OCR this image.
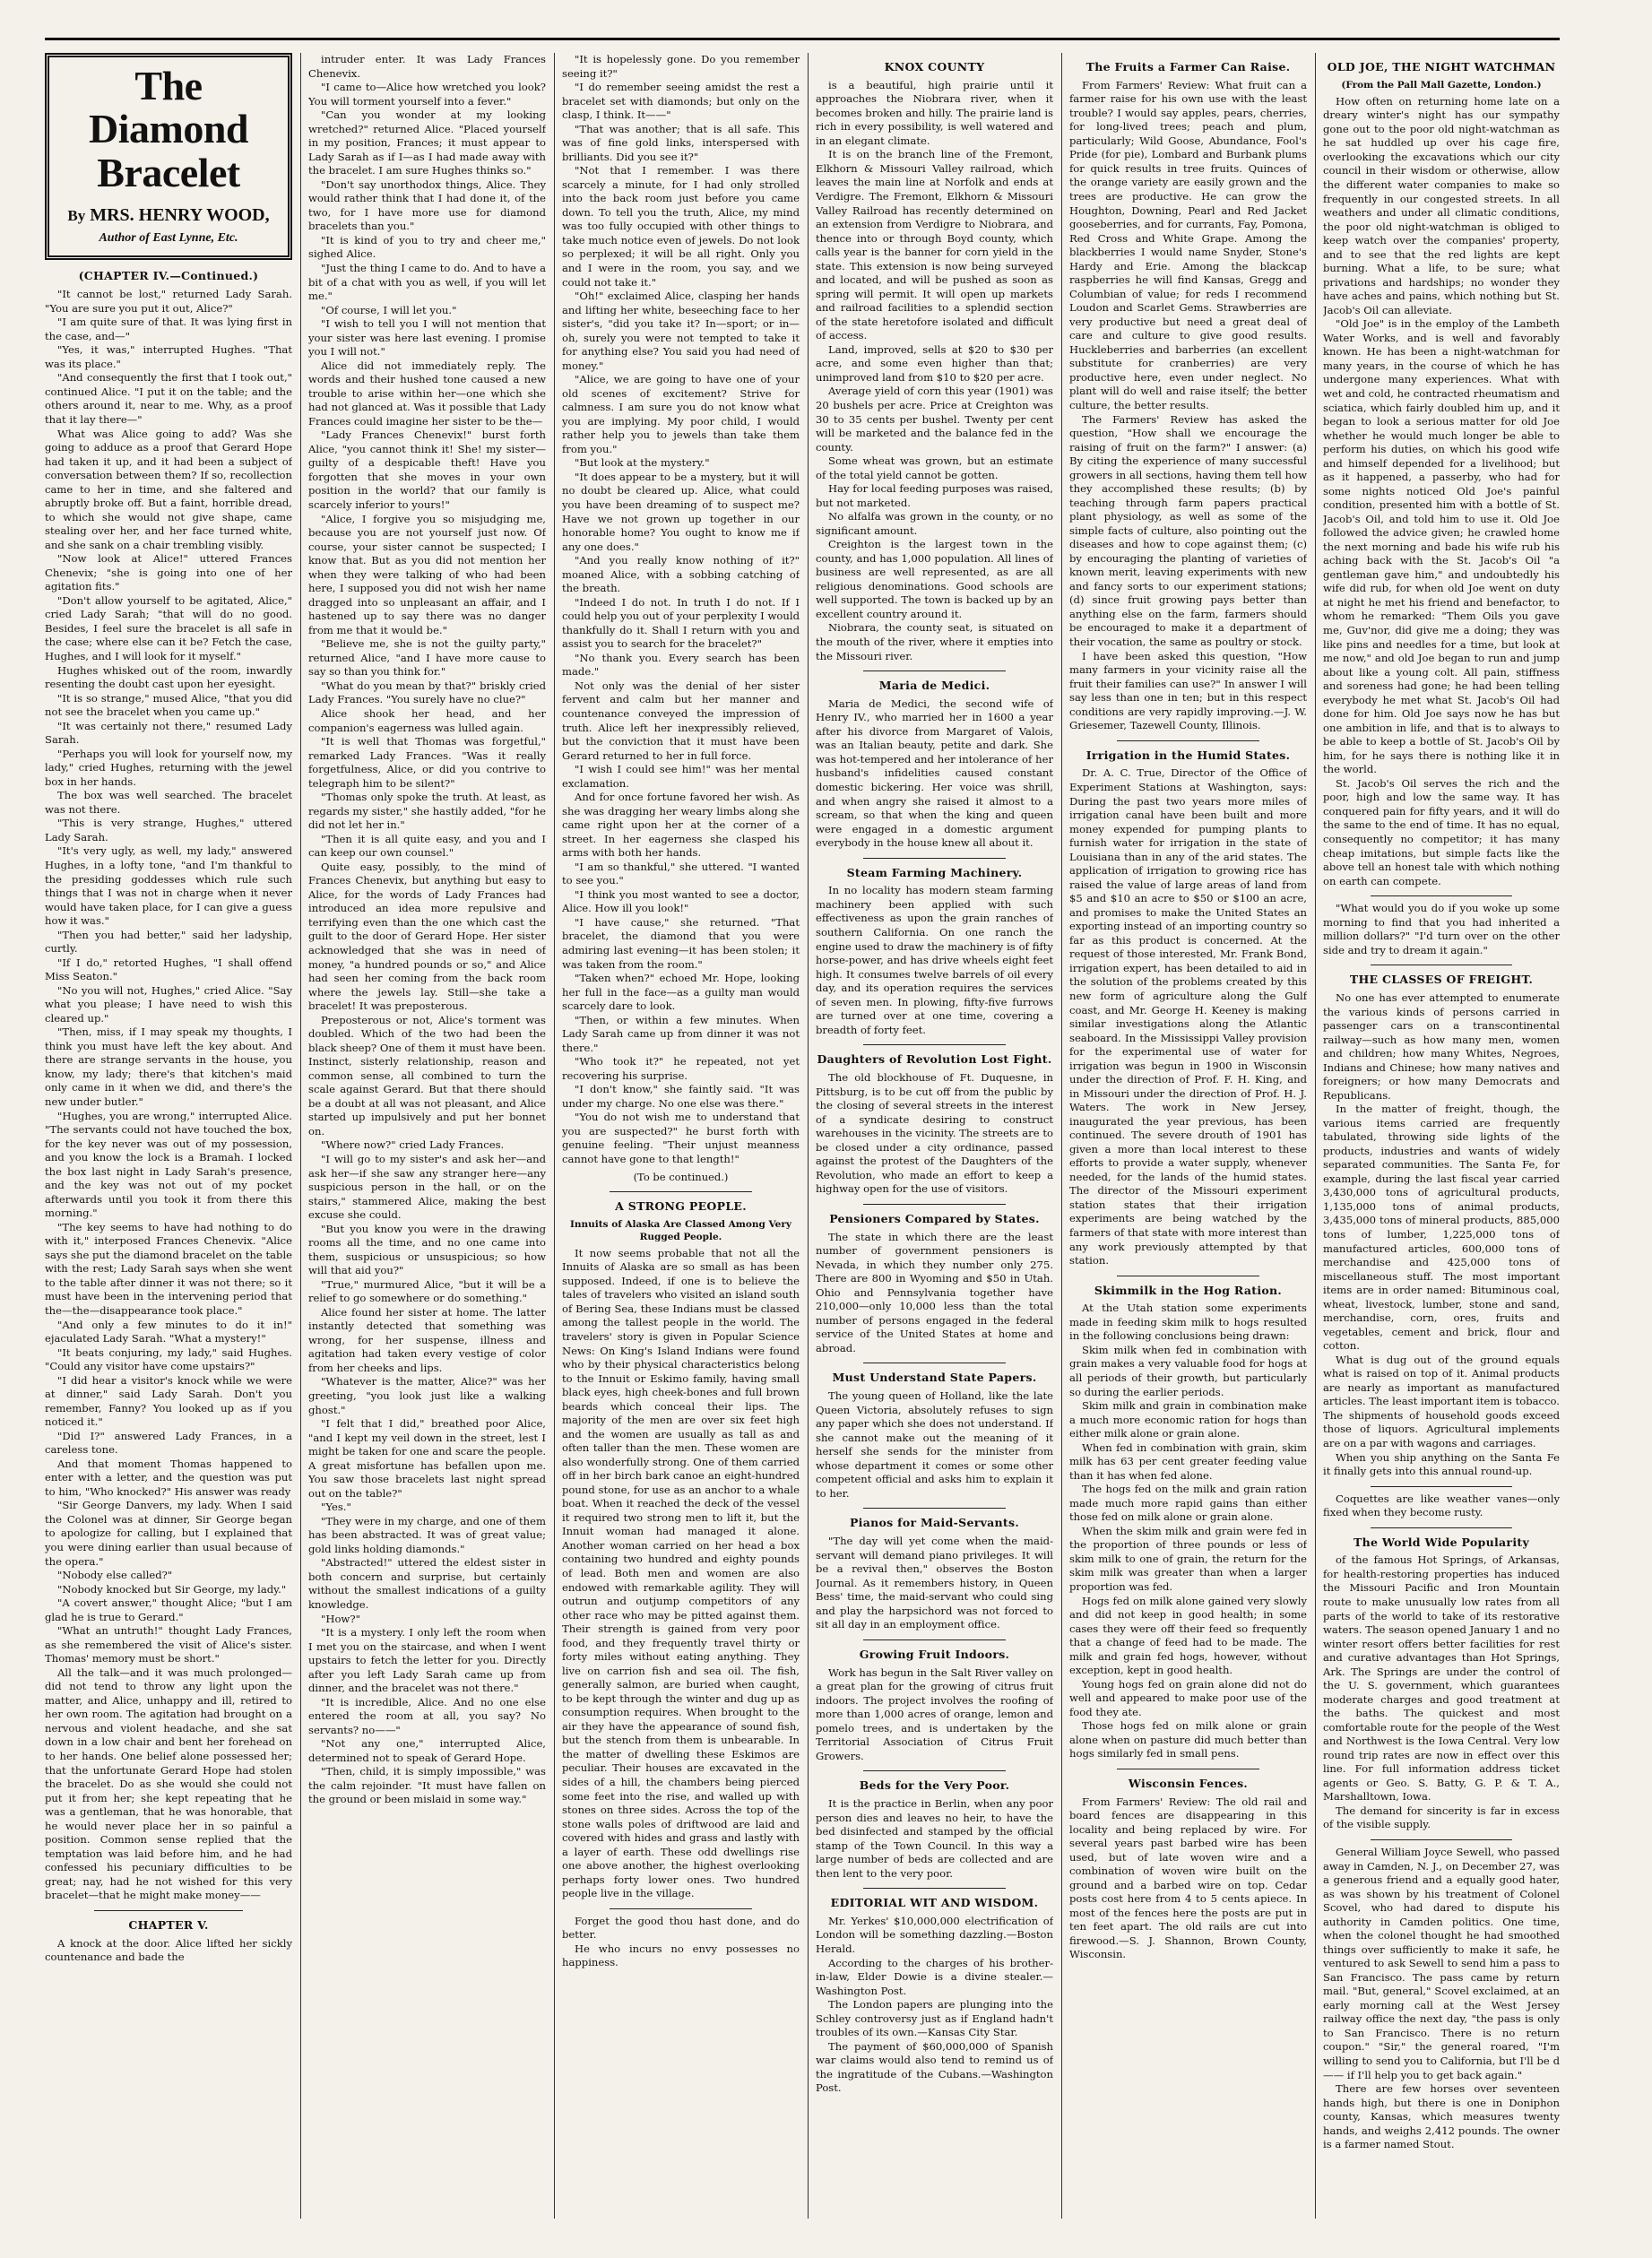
The Diamond Bracelet
By MRS. HENRY WOOD,
Author of East Lynne, Etc.
(CHAPTER IV.—Continued.)

"It cannot be lost," returned Lady Sarah. "You are sure you put it out, Alice?"

"I am quite sure of that. It was lying first in the case, and—"

"Yes, it was," interrupted Hughes. "That was its place."

"And consequently the first that I took out," continued Alice. "I put it on the table; and the others around it, near to me. Why, as a proof that it lay there—"

What was Alice going to add? Was she going to adduce as a proof that Gerard Hope had taken it up, and it had been a subject of conversation between them? If so, recollection came to her in time, and she faltered and abruptly broke off. But a faint, horrible dread, to which she would not give shape, came stealing over her, and her face turned white, and she sank on a chair trembling visibly.

"Now look at Alice!" uttered Frances Chenevix; "she is going into one of her agitation fits."

"Don't allow yourself to be agitated, Alice," cried Lady Sarah; "that will do no good. Besides, I feel sure the bracelet is all safe in the case; where else can it be? Fetch the case, Hughes, and I will look for it myself."

Hughes whisked out of the room, inwardly resenting the doubt cast upon her eyesight.

"It is so strange," mused Alice, "that you did not see the bracelet when you came up."

"It was certainly not there," resumed Lady Sarah.

"Perhaps you will look for yourself now, my lady," cried Hughes, returning with the jewel box in her hands.

The box was well searched. The bracelet was not there.

"This is very strange, Hughes," uttered Lady Sarah.

"It's very ugly, as well, my lady," answered Hughes, in a lofty tone, "and I'm thankful to the presiding goddesses which rule such things that I was not in charge when it never would have taken place, for I can give a guess how it was."

"Then you had better," said her ladyship, curtly.

"If I do," retorted Hughes, "I shall offend Miss Seaton."

"No you will not, Hughes," cried Alice. "Say what you please; I have need to wish this cleared up."

"Then, miss, if I may speak my thoughts, I think you must have left the key about. And there are strange servants in the house, you know, my lady; there's that kitchen's maid only came in it when we did, and there's the new under butler."

"Hughes, you are wrong," interrupted Alice. "The servants could not have touched the box, for the key never was out of my possession, and you know the lock is a Bramah. I locked the box last night in Lady Sarah's presence, and the key was not out of my pocket afterwards until you took it from there this morning."

"The key seems to have had nothing to do with it," interposed Frances Chenevix. "Alice says she put the diamond bracelet on the table with the rest; Lady Sarah says when she went to the table after dinner it was not there; so it must have been in the intervening period that the—the—disappearance took place."

"And only a few minutes to do it in!" ejaculated Lady Sarah. "What a mystery!"

"It beats conjuring, my lady," said Hughes. "Could any visitor have come upstairs?"

"I did hear a visitor's knock while we were at dinner," said Lady Sarah. Don't you remember, Fanny? You looked up as if you noticed it."

"Did I?" answered Lady Frances, in a careless tone.

And that moment Thomas happened to enter with a letter, and the question was put to him, "Who knocked?" His answer was ready

"Sir George Danvers, my lady. When I said the Colonel was at dinner, Sir George began to apologize for calling, but I explained that you were dining earlier than usual because of the opera."

"Nobody else called?"

"Nobody knocked but Sir George, my lady."

"A covert answer," thought Alice; "but I am glad he is true to Gerard."

"What an untruth!" thought Lady Frances, as she remembered the visit of Alice's sister. Thomas' memory must be short."

All the talk—and it was much prolonged—did not tend to throw any light upon the matter, and Alice, unhappy and ill, retired to her own room. The agitation had brought on a nervous and violent headache, and she sat down in a low chair and bent her forehead on to her hands. One belief alone possessed her; that the unfortunate Gerard Hope had stolen the bracelet. Do as she would she could not put it from her; she kept repeating that he was a gentleman, that he was honorable, that he would never place her in so painful a position. Common sense replied that the temptation was laid before him, and he had confessed his pecuniary difficulties to be great; nay, had he not wished for this very bracelet—that he might make money——

CHAPTER V.

A knock at the door. Alice lifted her sickly countenance and bade the

intruder enter. It was Lady Frances Chenevix.

"I came to—Alice how wretched you look? You will torment yourself into a fever."

"Can you wonder at my looking wretched?" returned Alice. "Placed yourself in my position, Frances; it must appear to Lady Sarah as if I—as I had made away with the bracelet. I am sure Hughes thinks so."

"Don't say unorthodox things, Alice. They would rather think that I had done it, of the two, for I have more use for diamond bracelets than you."

"It is kind of you to try and cheer me," sighed Alice.

"Just the thing I came to do. And to have a bit of a chat with you as well, if you will let me."

"Of course, I will let you."

"I wish to tell you I will not mention that your sister was here last evening. I promise you I will not."

Alice did not immediately reply. The words and their hushed tone caused a new trouble to arise within her—one which she had not glanced at. Was it possible that Lady Frances could imagine her sister to be the—

"Lady Frances Chenevix!" burst forth Alice, "you cannot think it! She! my sister—guilty of a despicable theft! Have you forgotten that she moves in your own position in the world? that our family is scarcely inferior to yours!"

"Alice, I forgive you so misjudging me, because you are not yourself just now. Of course, your sister cannot be suspected; I know that. But as you did not mention her when they were talking of who had been here, I supposed you did not wish her name dragged into so unpleasant an affair, and I hastened up to say there was no danger from me that it would be."

"Believe me, she is not the guilty party," returned Alice, "and I have more cause to say so than you think for."

"What do you mean by that?" briskly cried Lady Frances. "You surely have no clue?"

Alice shook her head, and her companion's eagerness was lulled again.

"It is well that Thomas was forgetful," remarked Lady Frances. "Was it really forgetfulness, Alice, or did you contrive to telegraph him to be silent?"

"Thomas only spoke the truth. At least, as regards my sister," she hastily added, "for he did not let her in."

"Then it is all quite easy, and you and I can keep our own counsel."

Quite easy, possibly, to the mind of Frances Chenevix, but anything but easy to Alice, for the words of Lady Frances had introduced an idea more repulsive and terrifying even than the one which cast the guilt to the door of Gerard Hope. Her sister acknowledged that she was in need of money, "a hundred pounds or so," and Alice had seen her coming from the back room where the jewels lay. Still—she take a bracelet! It was preposterous.

Preposterous or not, Alice's torment was doubled. Which of the two had been the black sheep? One of them it must have been. Instinct, sisterly relationship, reason and common sense, all combined to turn the scale against Gerard. But that there should be a doubt at all was not pleasant, and Alice started up impulsively and put her bonnet on.

"Where now?" cried Lady Frances.

"I will go to my sister's and ask her—and ask her—if she saw any stranger here—any suspicious person in the hall, or on the stairs," stammered Alice, making the best excuse she could.

"But you know you were in the drawing rooms all the time, and no one came into them, suspicious or unsuspicious; so how will that aid you?"

"True," murmured Alice, "but it will be a relief to go somewhere or do something."

Alice found her sister at home. The latter instantly detected that something was wrong, for her suspense, illness and agitation had taken every vestige of color from her cheeks and lips.

"Whatever is the matter, Alice?" was her greeting, "you look just like a walking ghost."

"I felt that I did," breathed poor Alice, "and I kept my veil down in the street, lest I might be taken for one and scare the people. A great misfortune has befallen upon me. You saw those bracelets last night spread out on the table?"

"Yes."

"They were in my charge, and one of them has been abstracted. It was of great value; gold links holding diamonds."

"Abstracted!" uttered the eldest sister in both concern and surprise, but certainly without the smallest indications of a guilty knowledge.

"How?"

"It is a mystery. I only left the room when I met you on the staircase, and when I went upstairs to fetch the letter for you. Directly after you left Lady Sarah came up from dinner, and the bracelet was not there."

"It is incredible, Alice. And no one else entered the room at all, you say? No servants? no——"

"Not any one," interrupted Alice, determined not to speak of Gerard Hope.

"Then, child, it is simply impossible," was the calm rejoinder. "It must have fallen on the ground or been mislaid in some way."

"It is hopelessly gone. Do you remember seeing it?"

"I do remember seeing amidst the rest a bracelet set with diamonds; but only on the clasp, I think. It——"

"That was another; that is all safe. This was of fine gold links, interspersed with brilliants. Did you see it?"

"Not that I remember. I was there scarcely a minute, for I had only strolled into the back room just before you came down. To tell you the truth, Alice, my mind was too fully occupied with other things to take much notice even of jewels. Do not look so perplexed; it will be all right. Only you and I were in the room, you say, and we could not take it."

"Oh!" exclaimed Alice, clasping her hands and lifting her white, beseeching face to her sister's, "did you take it? In—sport; or in—oh, surely you were not tempted to take it for anything else? You said you had need of money."

"Alice, we are going to have one of your old scenes of excitement? Strive for calmness. I am sure you do not know what you are implying. My poor child, I would rather help you to jewels than take them from you."

"But look at the mystery."

"It does appear to be a mystery, but it will no doubt be cleared up. Alice, what could you have been dreaming of to suspect me? Have we not grown up together in our honorable home? You ought to know me if any one does."

"And you really know nothing of it?" moaned Alice, with a sobbing catching of the breath.

"Indeed I do not. In truth I do not. If I could help you out of your perplexity I would thankfully do it. Shall I return with you and assist you to search for the bracelet?"

"No thank you. Every search has been made."

Not only was the denial of her sister fervent and calm but her manner and countenance conveyed the impression of truth. Alice left her inexpressibly relieved, but the conviction that it must have been Gerard returned to her in full force.

"I wish I could see him!" was her mental exclamation.

And for once fortune favored her wish. As she was dragging her weary limbs along she came right upon her at the corner of a street. In her eagerness she clasped his arms with both her hands.

"I am so thankful," she uttered. "I wanted to see you."

"I think you most wanted to see a doctor, Alice. How ill you look!"

"I have cause," she returned. "That bracelet, the diamond that you were admiring last evening—it has been stolen; it was taken from the room."

"Taken when?" echoed Mr. Hope, looking her full in the face—as a guilty man would scarcely dare to look.

"Then, or within a few minutes. When Lady Sarah came up from dinner it was not there."

"Who took it?" he repeated, not yet recovering his surprise.

"I don't know," she faintly said. "It was under my charge. No one else was there."

"You do not wish me to understand that you are suspected?" he burst forth with genuine feeling. "Their unjust meanness cannot have gone to that length!"

(To be continued.)
A STRONG PEOPLE.
Innuits of Alaska Are Classed Among Very Rugged People.

It now seems probable that not all the Innuits of Alaska are so small as has been supposed. Indeed, if one is to believe the tales of travelers who visited an island south of Bering Sea, these Indians must be classed among the tallest people in the world. The travelers' story is given in Popular Science News: On King's Island Indians were found who by their physical characteristics belong to the Innuit or Eskimo family, having small black eyes, high cheek-bones and full brown beards which conceal their lips. The majority of the men are over six feet high and the women are usually as tall as and often taller than the men. These women are also wonderfully strong. One of them carried off in her birch bark canoe an eight-hundred pound stone, for use as an anchor to a whale boat. When it reached the deck of the vessel it required two strong men to lift it, but the Innuit woman had managed it alone. Another woman carried on her head a box containing two hundred and eighty pounds of lead. Both men and women are also endowed with remarkable agility. They will outrun and outjump competitors of any other race who may be pitted against them. Their strength is gained from very poor food, and they frequently travel thirty or forty miles without eating anything. They live on carrion fish and sea oil. The fish, generally salmon, are buried when caught, to be kept through the winter and dug up as consumption requires. When brought to the air they have the appearance of sound fish, but the stench from them is unbearable. In the matter of dwelling these Eskimos are peculiar. Their houses are excavated in the sides of a hill, the chambers being pierced some feet into the rise, and walled up with stones on three sides. Across the top of the stone walls poles of driftwood are laid and covered with hides and grass and lastly with a layer of earth. These odd dwellings rise one above another, the highest overlooking perhaps forty lower ones. Two hundred people live in the village.

Forget the good thou hast done, and do better.

He who incurs no envy possesses no happiness.

KNOX COUNTY

is a beautiful, high prairie until it approaches the Niobrara river, when it becomes broken and hilly. The prairie land is rich in every possibility, is well watered and in an elegant climate.

It is on the branch line of the Fremont, Elkhorn & Missouri Valley railroad, which leaves the main line at Norfolk and ends at Verdigre. The Fremont, Elkhorn & Missouri Valley Railroad has recently determined on an extension from Verdigre to Niobrara, and thence into or through Boyd county, which calls year is the banner for corn yield in the state. This extension is now being surveyed and located, and will be pushed as soon as spring will permit. It will open up markets and railroad facilities to a splendid section of the state heretofore isolated and difficult of access.

Land, improved, sells at $20 to $30 per acre, and some even higher than that; unimproved land from $10 to $20 per acre.

Average yield of corn this year (1901) was 20 bushels per acre. Price at Creighton was 30 to 35 cents per bushel. Twenty per cent will be marketed and the balance fed in the county.

Some wheat was grown, but an estimate of the total yield cannot be gotten.

Hay for local feeding purposes was raised, but not marketed.

No alfalfa was grown in the county, or no significant amount.

Creighton is the largest town in the county, and has 1,000 population. All lines of business are well represented, as are all religious denominations. Good schools are well supported. The town is backed up by an excellent country around it.

Niobrara, the county seat, is situated on the mouth of the river, where it empties into the Missouri river.

Maria de Medici.

Maria de Medici, the second wife of Henry IV., who married her in 1600 a year after his divorce from Margaret of Valois, was an Italian beauty, petite and dark. She was hot-tempered and her intolerance of her husband's infidelities caused constant domestic bickering. Her voice was shrill, and when angry she raised it almost to a scream, so that when the king and queen were engaged in a domestic argument everybody in the house knew all about it.

Steam Farming Machinery.

In no locality has modern steam farming machinery been applied with such effectiveness as upon the grain ranches of southern California. On one ranch the engine used to draw the machinery is of fifty horse-power, and has drive wheels eight feet high. It consumes twelve barrels of oil every day, and its operation requires the services of seven men. In plowing, fifty-five furrows are turned over at one time, covering a breadth of forty feet.

Daughters of Revolution Lost Fight.

The old blockhouse of Ft. Duquesne, in Pittsburg, is to be cut off from the public by the closing of several streets in the interest of a syndicate desiring to construct warehouses in the vicinity. The streets are to be closed under a city ordinance, passed against the protest of the Daughters of the Revolution, who made an effort to keep a highway open for the use of visitors.

Pensioners Compared by States.

The state in which there are the least number of government pensioners is Nevada, in which they number only 275. There are 800 in Wyoming and $50 in Utah. Ohio and Pennsylvania together have 210,000—only 10,000 less than the total number of persons engaged in the federal service of the United States at home and abroad.

Must Understand State Papers.

The young queen of Holland, like the late Queen Victoria, absolutely refuses to sign any paper which she does not understand. If she cannot make out the meaning of it herself she sends for the minister from whose department it comes or some other competent official and asks him to explain it to her.

Pianos for Maid-Servants.

"The day will yet come when the maid-servant will demand piano privileges. It will be a revival then," observes the Boston Journal. As it remembers history, in Queen Bess' time, the maid-servant who could sing and play the harpsichord was not forced to sit all day in an employment office.

Growing Fruit Indoors.

Work has begun in the Salt River valley on a great plan for the growing of citrus fruit indoors. The project involves the roofing of more than 1,000 acres of orange, lemon and pomelo trees, and is undertaken by the Territorial Association of Citrus Fruit Growers.

Beds for the Very Poor.

It is the practice in Berlin, when any poor person dies and leaves no heir, to have the bed disinfected and stamped by the official stamp of the Town Council. In this way a large number of beds are collected and are then lent to the very poor.

EDITORIAL WIT AND WISDOM.

Mr. Yerkes' $10,000,000 electrification of London will be something dazzling.—Boston Herald.

According to the charges of his brother-in-law, Elder Dowie is a divine stealer.—Washington Post.

The London papers are plunging into the Schley controversy just as if England hadn't troubles of its own.—Kansas City Star.

The payment of $60,000,000 of Spanish war claims would also tend to remind us of the ingratitude of the Cubans.—Washington Post.

The Fruits a Farmer Can Raise.

From Farmers' Review: What fruit can a farmer raise for his own use with the least trouble? I would say apples, pears, cherries, for long-lived trees; peach and plum, particularly; Wild Goose, Abundance, Fool's Pride (for pie), Lombard and Burbank plums for quick results in tree fruits. Quinces of the orange variety are easily grown and the trees are productive. He can grow the Houghton, Downing, Pearl and Red Jacket gooseberries, and for currants, Fay, Pomona, Red Cross and White Grape. Among the blackberries I would name Snyder, Stone's Hardy and Erie. Among the blackcap raspberries he will find Kansas, Gregg and Columbian of value; for reds I recommend Loudon and Scarlet Gems. Strawberries are very productive but need a great deal of care and culture to give good results. Huckleberries and barberries (an excellent substitute for cranberries) are very productive here, even under neglect. No plant will do well and raise itself; the better culture, the better results.

The Farmers' Review has asked the question, "How shall we encourage the raising of fruit on the farm?" I answer: (a) By citing the experience of many successful growers in all sections, having them tell how they accomplished these results; (b) by teaching through farm papers practical plant physiology, as well as some of the simple facts of culture, also pointing out the diseases and how to cope against them; (c) by encouraging the planting of varieties of known merit, leaving experiments with new and fancy sorts to our experiment stations; (d) since fruit growing pays better than anything else on the farm, farmers should be encouraged to make it a department of their vocation, the same as poultry or stock.

I have been asked this question, "How many farmers in your vicinity raise all the fruit their families can use?" In answer I will say less than one in ten; but in this respect conditions are very rapidly improving.—J. W. Griesemer, Tazewell County, Illinois.

Irrigation in the Humid States.

Dr. A. C. True, Director of the Office of Experiment Stations at Washington, says: During the past two years more miles of irrigation canal have been built and more money expended for pumping plants to furnish water for irrigation in the state of Louisiana than in any of the arid states. The application of irrigation to growing rice has raised the value of large areas of land from $5 and $10 an acre to $50 or $100 an acre, and promises to make the United States an exporting instead of an importing country so far as this product is concerned. At the request of those interested, Mr. Frank Bond, irrigation expert, has been detailed to aid in the solution of the problems created by this new form of agriculture along the Gulf coast, and Mr. George H. Keeney is making similar investigations along the Atlantic seaboard. In the Mississippi Valley provision for the experimental use of water for irrigation was begun in 1900 in Wisconsin under the direction of Prof. F. H. King, and in Missouri under the direction of Prof. H. J. Waters. The work in New Jersey, inaugurated the year previous, has been continued. The severe drouth of 1901 has given a more than local interest to these efforts to provide a water supply, whenever needed, for the lands of the humid states. The director of the Missouri experiment station states that their irrigation experiments are being watched by the farmers of that state with more interest than any work previously attempted by that station.

Skimmilk in the Hog Ration.

At the Utah station some experiments made in feeding skim milk to hogs resulted in the following conclusions being drawn:

Skim milk when fed in combination with grain makes a very valuable food for hogs at all periods of their growth, but particularly so during the earlier periods.

Skim milk and grain in combination make a much more economic ration for hogs than either milk alone or grain alone.

When fed in combination with grain, skim milk has 63 per cent greater feeding value than it has when fed alone.

The hogs fed on the milk and grain ration made much more rapid gains than either those fed on milk alone or grain alone.

When the skim milk and grain were fed in the proportion of three pounds or less of skim milk to one of grain, the return for the skim milk was greater than when a larger proportion was fed.

Hogs fed on milk alone gained very slowly and did not keep in good health; in some cases they were off their feed so frequently that a change of feed had to be made. The milk and grain fed hogs, however, without exception, kept in good health.

Young hogs fed on grain alone did not do well and appeared to make poor use of the food they ate.

Those hogs fed on milk alone or grain alone when on pasture did much better than hogs similarly fed in small pens.

Wisconsin Fences.

From Farmers' Review: The old rail and board fences are disappearing in this locality and being replaced by wire. For several years past barbed wire has been used, but of late woven wire and a combination of woven wire built on the ground and a barbed wire on top. Cedar posts cost here from 4 to 5 cents apiece. In most of the fences here the posts are put in ten feet apart. The old rails are cut into firewood.—S. J. Shannon, Brown County, Wisconsin.

OLD JOE, THE NIGHT WATCHMAN
(From the Pall Mall Gazette, London.)

How often on returning home late on a dreary winter's night has our sympathy gone out to the poor old night-watchman as he sat huddled up over his cage fire, overlooking the excavations which our city council in their wisdom or otherwise, allow the different water companies to make so frequently in our congested streets. In all weathers and under all climatic conditions, the poor old night-watchman is obliged to keep watch over the companies' property, and to see that the red lights are kept burning. What a life, to be sure; what privations and hardships; no wonder they have aches and pains, which nothing but St. Jacob's Oil can alleviate.

"Old Joe" is in the employ of the Lambeth Water Works, and is well and favorably known. He has been a night-watchman for many years, in the course of which he has undergone many experiences. What with wet and cold, he contracted rheumatism and sciatica, which fairly doubled him up, and it began to look a serious matter for old Joe whether he would much longer be able to perform his duties, on which his good wife and himself depended for a livelihood; but as it happened, a passerby, who had for some nights noticed Old Joe's painful condition, presented him with a bottle of St. Jacob's Oil, and told him to use it. Old Joe followed the advice given; he crawled home the next morning and bade his wife rub his aching back with the St. Jacob's Oil "a gentleman gave him," and undoubtedly his wife did rub, for when old Joe went on duty at night he met his friend and benefactor, to whom he remarked: "Them Oils you gave me, Guv'nor, did give me a doing; they was like pins and needles for a time, but look at me now," and old Joe began to run and jump about like a young colt. All pain, stiffness and soreness had gone; he had been telling everybody he met what St. Jacob's Oil had done for him. Old Joe says now he has but one ambition in life, and that is to always to be able to keep a bottle of St. Jacob's Oil by him, for he says there is nothing like it in the world.

St. Jacob's Oil serves the rich and the poor, high and low the same way. It has conquered pain for fifty years, and it will do the same to the end of time. It has no equal, consequently no competitor; it has many cheap imitations, but simple facts like the above tell an honest tale with which nothing on earth can compete.

"What would you do if you woke up some morning to find that you had inherited a million dollars?" "I'd turn over on the other side and try to dream it again."

THE CLASSES OF FREIGHT.

No one has ever attempted to enumerate the various kinds of persons carried in passenger cars on a transcontinental railway—such as how many men, women and children; how many Whites, Negroes, Indians and Chinese; how many natives and foreigners; or how many Democrats and Republicans.

In the matter of freight, though, the various items carried are frequently tabulated, throwing side lights of the products, industries and wants of widely separated communities. The Santa Fe, for example, during the last fiscal year carried 3,430,000 tons of agricultural products, 1,135,000 tons of animal products, 3,435,000 tons of mineral products, 885,000 tons of lumber, 1,225,000 tons of manufactured articles, 600,000 tons of merchandise and 425,000 tons of miscellaneous stuff. The most important items are in order named: Bituminous coal, wheat, livestock, lumber, stone and sand, merchandise, corn, ores, fruits and vegetables, cement and brick, flour and cotton.

What is dug out of the ground equals what is raised on top of it. Animal products are nearly as important as manufactured articles. The least important item is tobacco. The shipments of household goods exceed those of liquors. Agricultural implements are on a par with wagons and carriages.

When you ship anything on the Santa Fe it finally gets into this annual round-up.

Coquettes are like weather vanes—only fixed when they become rusty.

The World Wide Popularity

of the famous Hot Springs, of Arkansas, for health-restoring properties has induced the Missouri Pacific and Iron Mountain route to make unusually low rates from all parts of the world to take of its restorative waters. The season opened January 1 and no winter resort offers better facilities for rest and curative advantages than Hot Springs, Ark. The Springs are under the control of the U. S. government, which guarantees moderate charges and good treatment at the baths. The quickest and most comfortable route for the people of the West and Northwest is the Iowa Central. Very low round trip rates are now in effect over this line. For full information address ticket agents or Geo. S. Batty, G. P. & T. A., Marshalltown, Iowa.

The demand for sincerity is far in excess of the visible supply.

General William Joyce Sewell, who passed away in Camden, N. J., on December 27, was a generous friend and a equally good hater, as was shown by his treatment of Colonel Scovel, who had dared to dispute his authority in Camden politics. One time, when the colonel thought he had smoothed things over sufficiently to make it safe, he ventured to ask Sewell to send him a pass to San Francisco. The pass came by return mail. "But, general," Scovel exclaimed, at an early morning call at the West Jersey railway office the next day, "the pass is only to San Francisco. There is no return coupon." "Sir," the general roared, "I'm willing to send you to California, but I'll be d—— if I'll help you to get back again."

There are few horses over seventeen hands high, but there is one in Doniphon county, Kansas, which measures twenty hands, and weighs 2,412 pounds. The owner is a farmer named Stout.
